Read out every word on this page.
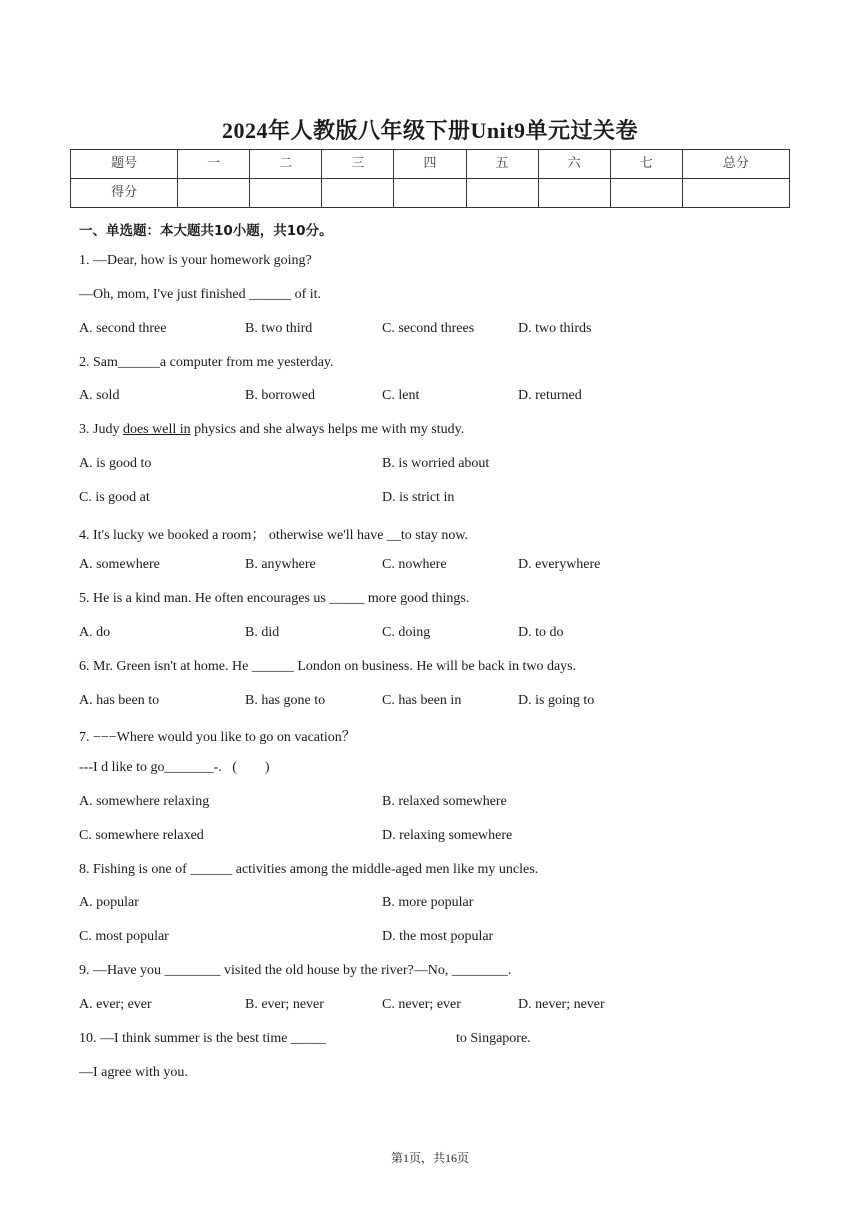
2024年人教版八年级下册Unit9单元过关卷
题号	一	二	三	四	五	六	七	总分
得分								
一、单选题：本大题共10小题，共10分。
1. —Dear, how is your homework going?
—Oh, mom, I've just finished ______ of it.
A. second three	B. two third	C. second threes	D. two thirds
2. Sam______a computer from me yesterday.
A. sold	B. borrowed	C. lent	D. returned
3. Judy does well in physics and she always helps me with my study.
A. is good to	B. is worried about
C. is good at	D. is strict in
4. It's lucky we booked a room； otherwise we'll have __to stay now.
A. somewhere	B. anywhere	C. nowhere	D. everywhere
5. He is a kind man. He often encourages us _____ more good things.
A. do	B. did	C. doing	D. to do
6. Mr. Green isn't at home. He ______ London on business. He will be back in two days.
A. has been to	B. has gone to	C. has been in	D. is going to
7. −−−Where would you like to go on vacation？
---I d like to go_______-.   (        )
A. somewhere relaxing	B. relaxed somewhere
C. somewhere relaxed	D. relaxing somewhere
8. Fishing is one of ______ activities among the middle-aged men like my uncles.
A. popular	B. more popular
C. most popular	D. the most popular
9. —Have you ________ visited the old house by the river?—No, ________.
A. ever; ever	B. ever; never	C. never; ever	D. never; never
10. —I think summer is the best time _____	to Singapore.
—I agree with you.
第1页，共16页
